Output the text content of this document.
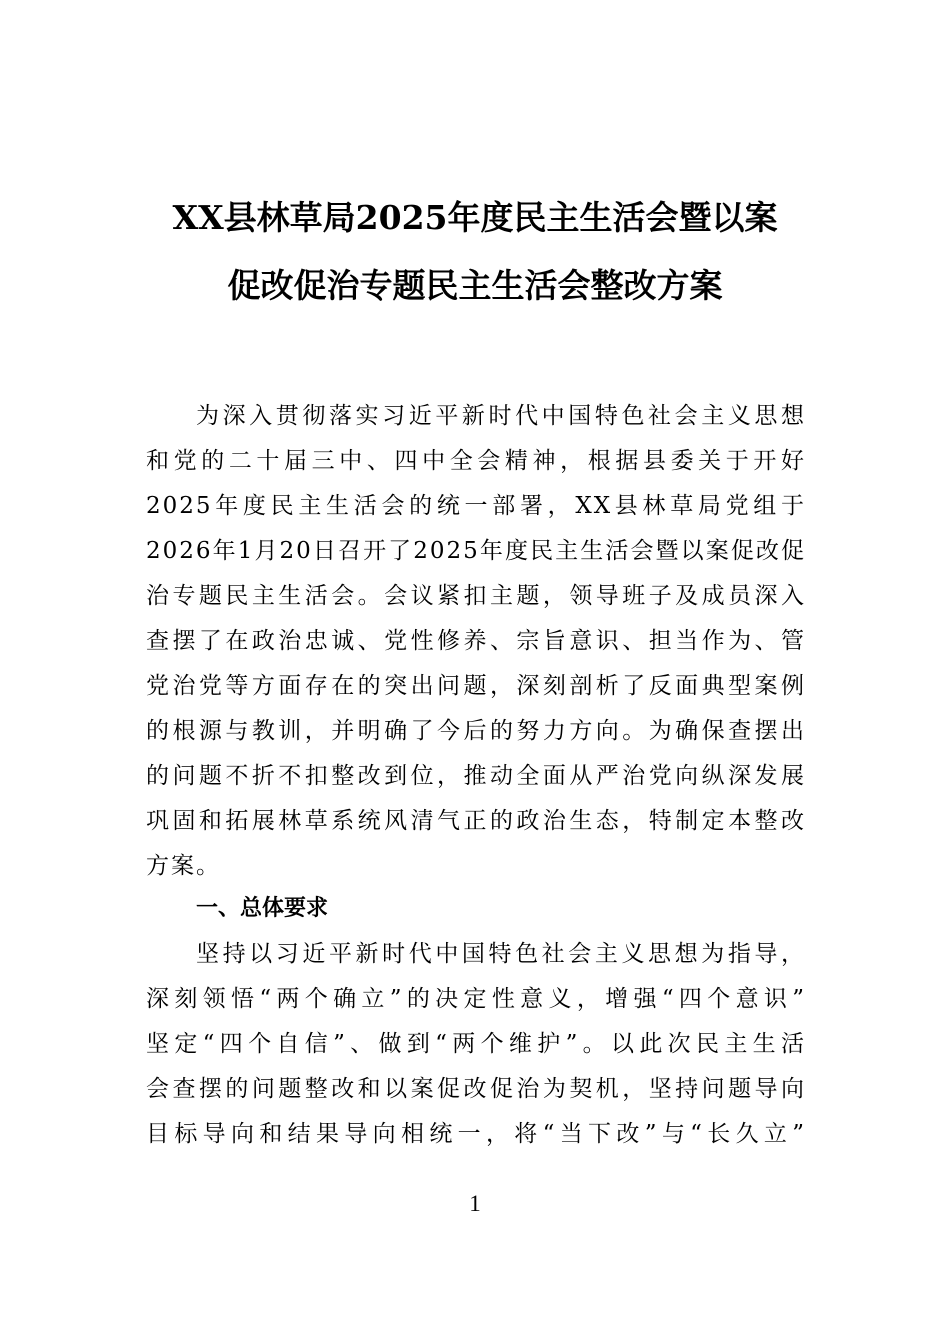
XX县林草局2025年度民主生活会暨以案
促改促治专题民主生活会整改方案
为深入贯彻落实习近平新时代中国特色社会主义思想
和党的二十届三中、四中全会精神，根据县委关于开好
2025年度民主生活会的统一部署，XX县林草局党组于
2026年1月20日召开了2025年度民主生活会暨以案促改促
治专题民主生活会。会议紧扣主题，领导班子及成员深入
查摆了在政治忠诚、党性修养、宗旨意识、担当作为、管
党治党等方面存在的突出问题，深刻剖析了反面典型案例
的根源与教训，并明确了今后的努力方向。为确保查摆出
的问题不折不扣整改到位，推动全面从严治党向纵深发展
巩固和拓展林草系统风清气正的政治生态，特制定本整改
方案。
一、总体要求
坚持以习近平新时代中国特色社会主义思想为指导，
深刻领悟“两个确立”的决定性意义，增强“四个意识”
坚定“四个自信”、做到“两个维护”。以此次民主生活
会查摆的问题整改和以案促改促治为契机，坚持问题导向
目标导向和结果导向相统一，将“当下改”与“长久立”
1
